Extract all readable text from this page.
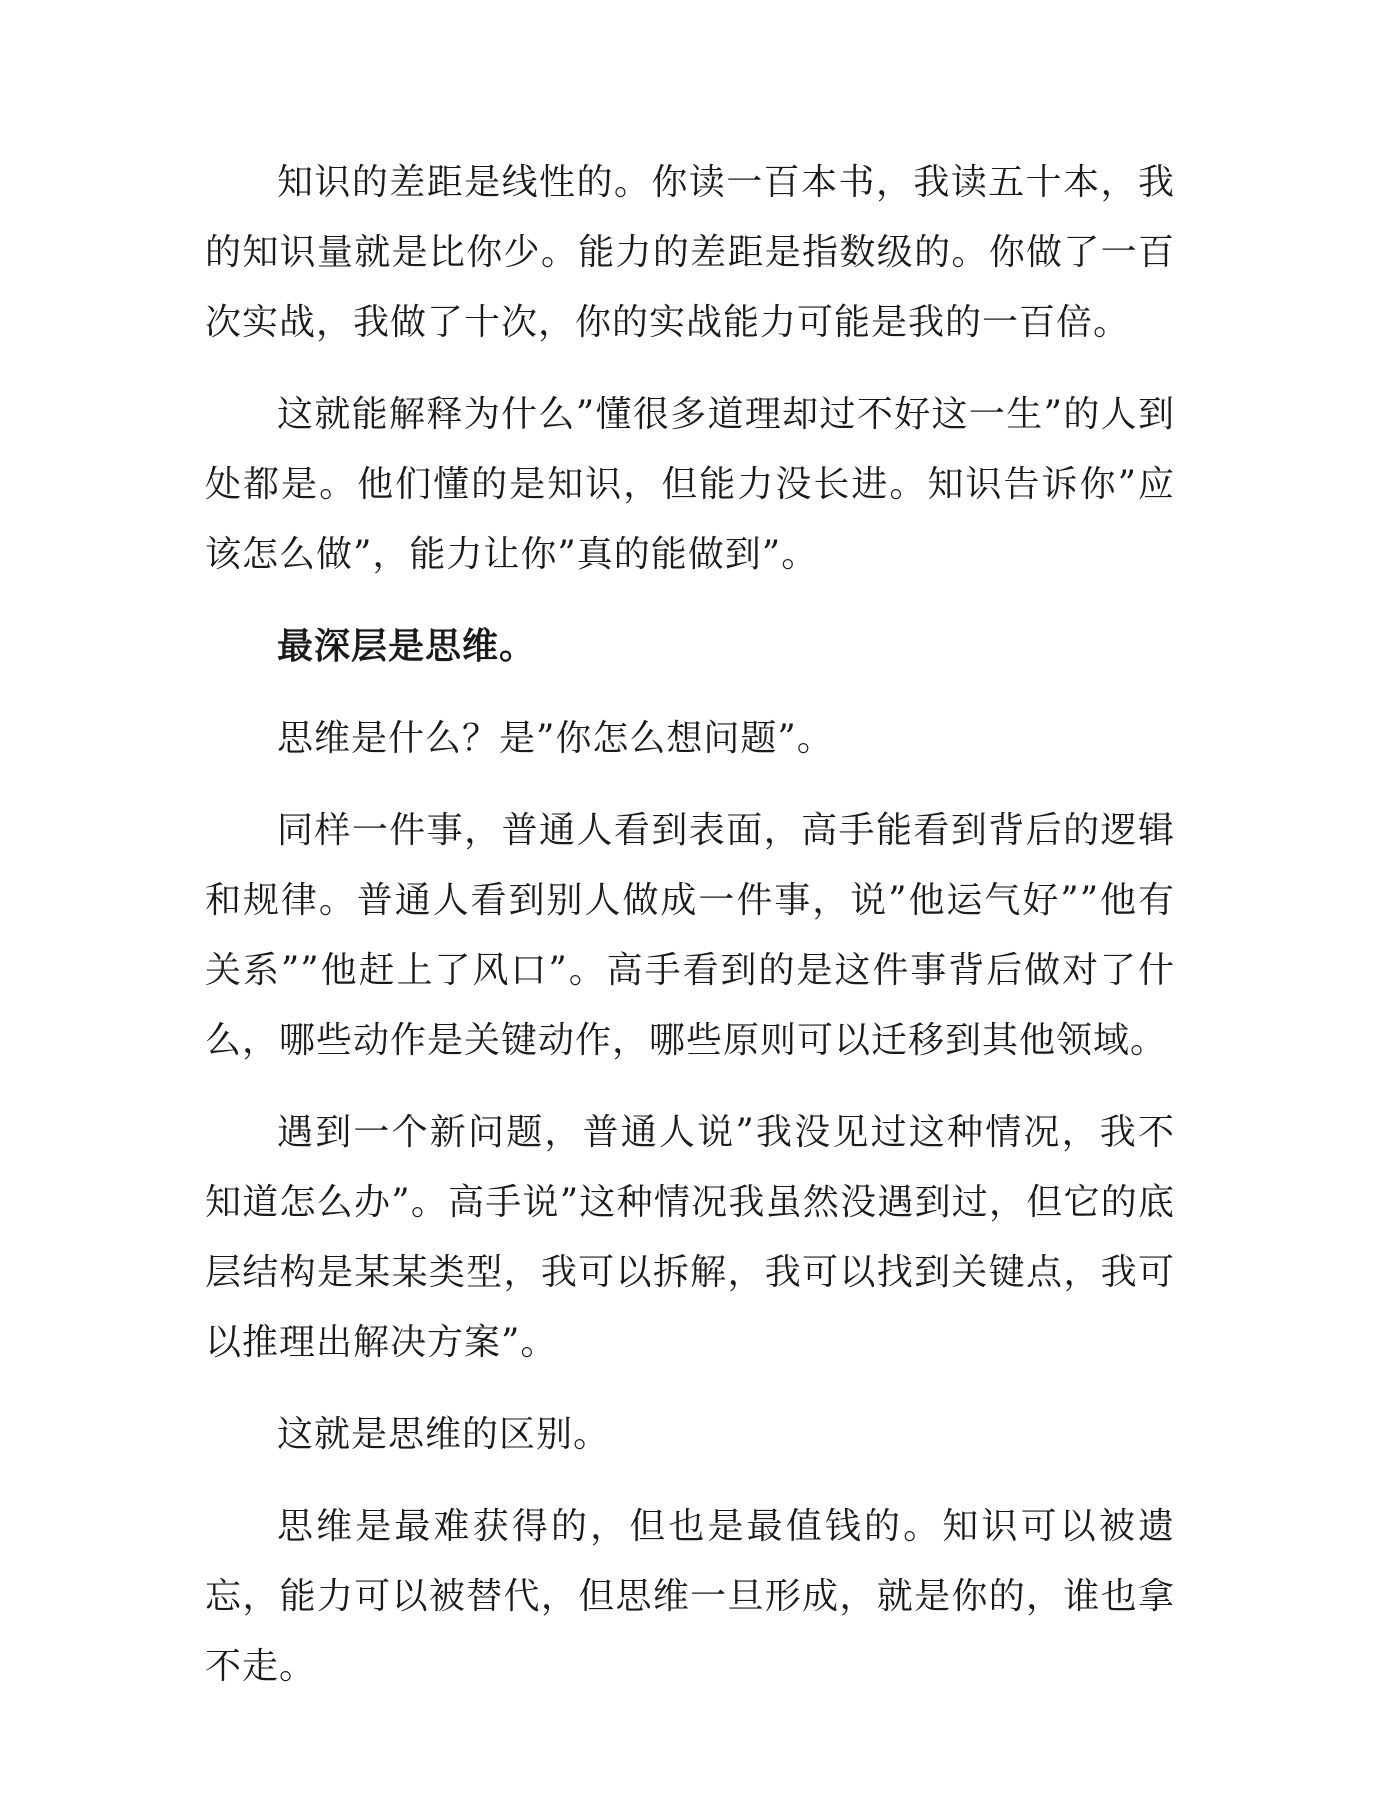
知识的差距是线性的。你读一百本书，我读五十本，我的知识量就是比你少。能力的差距是指数级的。你做了一百次实战，我做了十次，你的实战能力可能是我的一百倍。

这就能解释为什么”懂很多道理却过不好这一生”的人到处都是。他们懂的是知识，但能力没长进。知识告诉你”应该怎么做”，能力让你”真的能做到”。

最深层是思维。

思维是什么？是”你怎么想问题”。

同样一件事，普通人看到表面，高手能看到背后的逻辑和规律。普通人看到别人做成一件事，说”他运气好””他有关系””他赶上了风口”。高手看到的是这件事背后做对了什么，哪些动作是关键动作，哪些原则可以迁移到其他领域。

遇到一个新问题，普通人说”我没见过这种情况，我不知道怎么办”。高手说”这种情况我虽然没遇到过，但它的底层结构是某某类型，我可以拆解，我可以找到关键点，我可以推理出解决方案”。

这就是思维的区别。

思维是最难获得的，但也是最值钱的。知识可以被遗忘，能力可以被替代，但思维一旦形成，就是你的，谁也拿不走。
